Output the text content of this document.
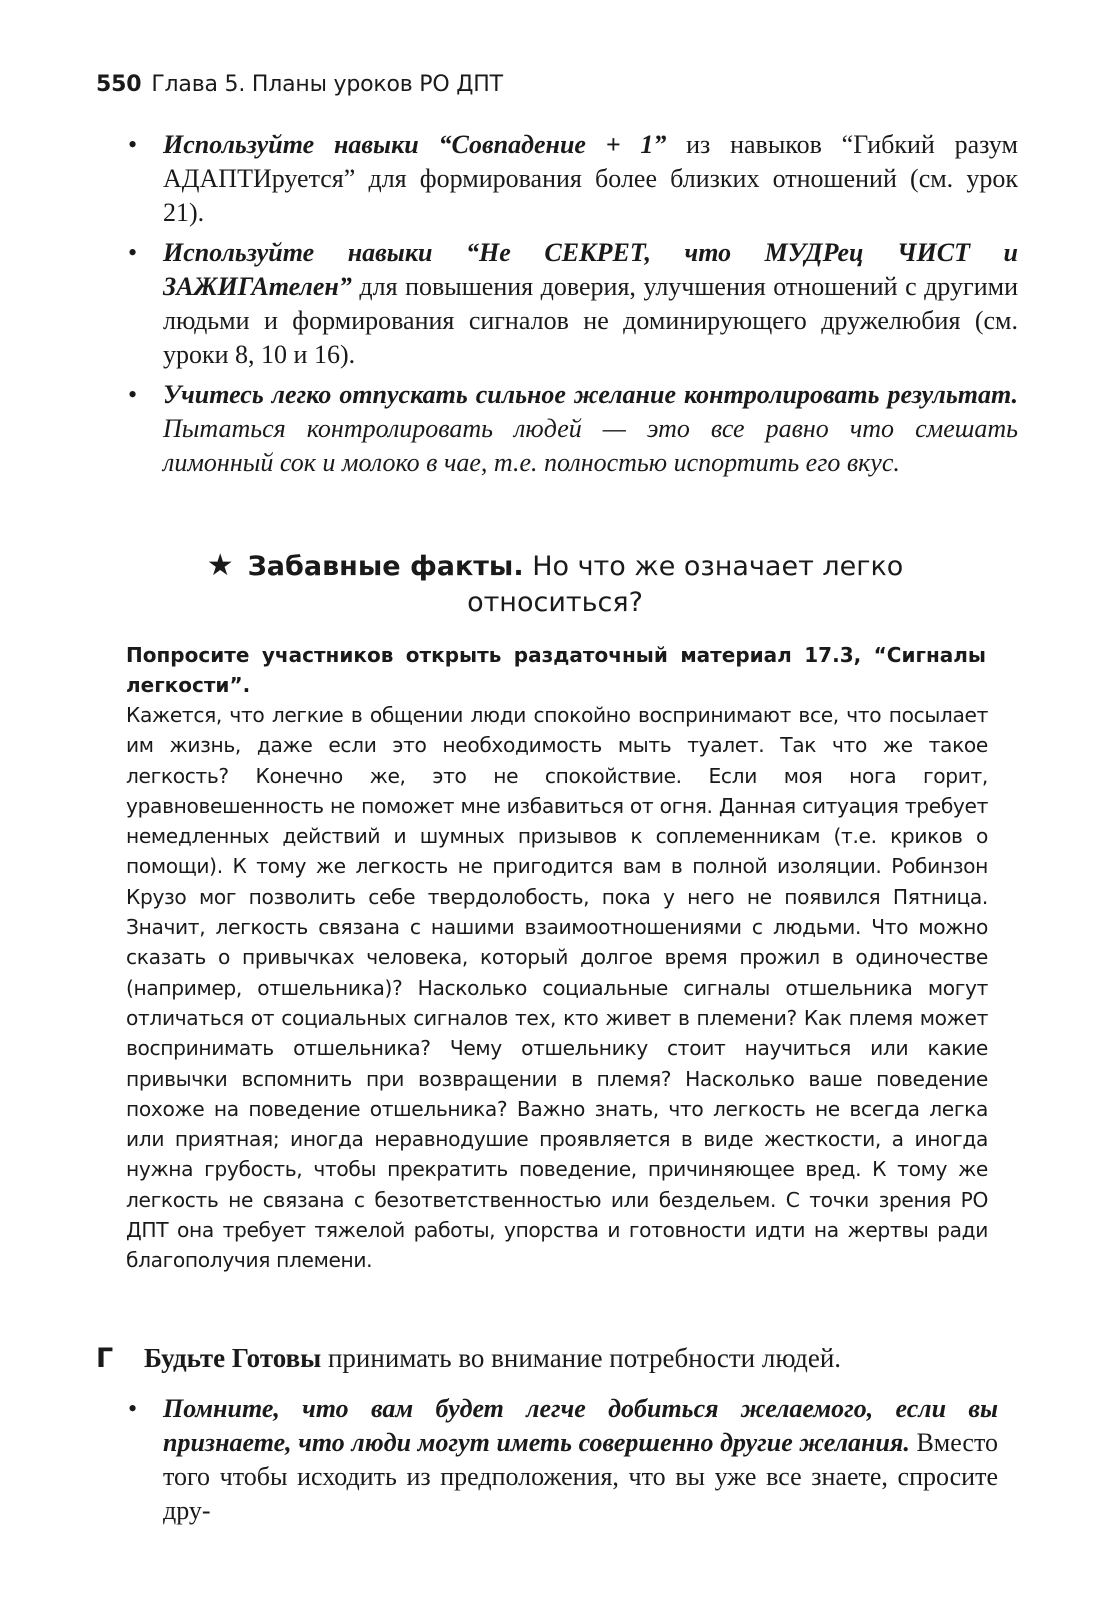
550 Глава 5. Планы уроков РО ДПТ
• Используйте навыки “Совпадение + 1” из навыков “Гибкий разум АДАПТИруется” для формирования более близких отношений (см. урок 21).
• Используйте навыки “Не СЕКРЕТ, что МУДРец ЧИСТ и ЗАЖИГАтелен” для повышения доверия, улучшения отношений с другими людьми и формирования сигналов не доминирующего дружелюбия (см. уроки 8, 10 и 16).
• Учитесь легко отпускать сильное желание контролировать результат. Пытаться контролировать людей — это все равно что смешать лимонный сок и молоко в чае, т.е. полностью испортить его вкус.
★ Забавные факты. Но что же означает легко относиться?
Попросите участников открыть раздаточный материал 17.3, “Сигналы легкости”.
Кажется, что легкие в общении люди спокойно воспринимают все, что посылает им жизнь, даже если это необходимость мыть туалет. Так что же такое легкость? Конечно же, это не спокойствие. Если моя нога горит, уравновешенность не поможет мне избавиться от огня. Данная ситуация требует немедленных действий и шумных призывов к соплеменникам (т.е. криков о помощи). К тому же легкость не пригодится вам в полной изоляции. Робинзон Крузо мог позволить себе твердолобость, пока у него не появился Пятница. Значит, легкость связана с нашими взаимоотношениями с людьми. Что можно сказать о привычках человека, который долгое время прожил в одиночестве (например, отшельника)? Насколько социальные сигналы отшельника могут отличаться от социальных сигналов тех, кто живет в племени? Как племя может воспринимать отшельника? Чему отшельнику стоит научиться или какие привычки вспомнить при возвращении в племя? Насколько ваше поведение похоже на поведение отшельника? Важно знать, что легкость не всегда легка или приятная; иногда неравнодушие проявляется в виде жесткости, а иногда нужна грубость, чтобы прекратить поведение, причиняющее вред. К тому же легкость не связана с безответственностью или бездельем. С точки зрения РО ДПТ она требует тяжелой работы, упорства и готовности идти на жертвы ради благополучия племени.
Г Будьте Готовы принимать во внимание потребности людей.
• Помните, что вам будет легче добиться желаемого, если вы признаете, что люди могут иметь совершенно другие желания. Вместо того чтобы исходить из предположения, что вы уже все знаете, спросите дру-
